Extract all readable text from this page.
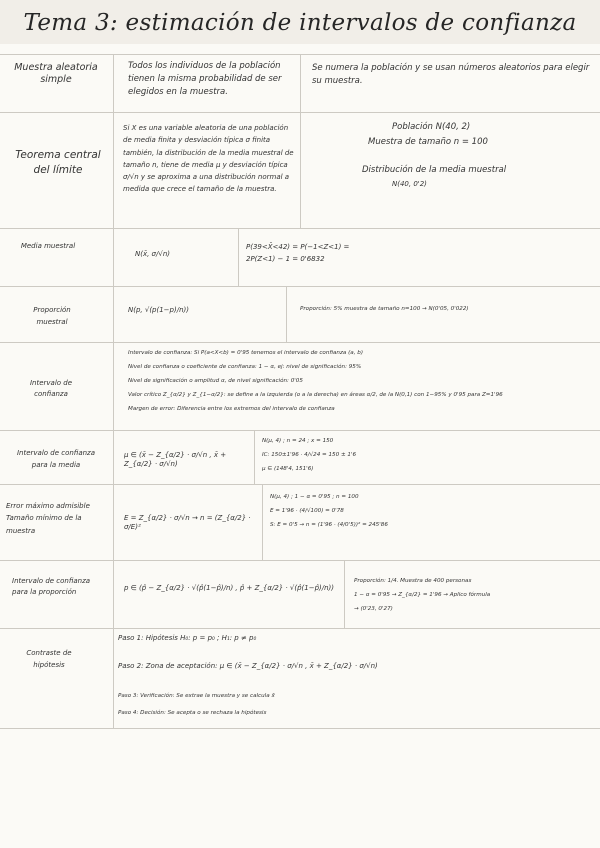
Tema 3: estimación de intervalos de confianza
Muestra aleatoria simple
Todos los individuos de la población tienen la misma probabilidad de ser elegidos en la muestra.
Se numera la población y se usan números aleatorios para elegir su muestra.
Teorema central del límite
Si X es una variable aleatoria de una población de media finita y desviación típica σ finita también, la distribución de la media muestral de tamaño n, tiene de media μ y desviación típica σ/√n y se aproxima a una distribución normal a medida que crece el tamaño de la muestra.
Población N(40, 2)
Muestra de tamaño n = 100
Distribución de la media muestral
N(40, 0'2)
Media muestral
N(x̄, σ/√n)
P(39<X̄<42) = P(−1<Z<1) =
2P(Z<1) − 1 = 0'6832
Proporción muestral
N(p, √(p(1−p)/n))	Proporción: 5% muestra de tamaño n=100 → N(0'05, 0'022)
Intervalo de confianza
Intervalo de confianza: Si P(a<X<b) = 0'95 tenemos el intervalo de confianza (a, b)
Nivel de confianza o coeficiente de confianza: 1 − α, ej: nivel de significación: 95%
Nivel de significación o amplitud α, de nivel significación: 0'05
Valor crítico Z_{α/2} y Z_{1−α/2}: se define a la izquierda (o a la derecha) en áreas α/2, de la N(0,1) con 1−95% y 0'95 para Z=1'96
Margen de error: Diferencia entre los extremos del intervalo de confianza
Intervalo de confianza para la media
μ ∈ (x̄ − Z_{α/2} · σ/√n , x̄ + Z_{α/2} · σ/√n)
N(μ, 4) ; n = 24 ; x = 150
IC: 150±1'96 · 4/√24 = 150 ± 1'6
μ ∈ (148'4, 151'6)
Error máximo admisible Tamaño mínimo de la muestra
E = Z_{α/2} · σ/√n → n = (Z_{α/2} · σ/E)²
N(μ, 4) ; 1 − α = 0'95 ; n = 100
E = 1'96 · (4/√100) = 0'78
S: E = 0'5 → n = (1'96 · (4/0'5))² = 245'86
Intervalo de confianza para la proporción
p ∈ (p̂ − Z_{α/2} · √(p̂(1−p̂)/n) , p̂ + Z_{α/2} · √(p̂(1−p̂)/n))
Proporción: 1/4. Muestra de 400 personas
1 − α = 0'95 → Z_{α/2} = 1'96 → Aplico fórmula
→ (0'23, 0'27)
Contraste de hipótesis
Paso 1: Hipótesis H₀: p = p₀ ; H₁: p ≠ p₀
Paso 2: Zona de aceptación: μ ∈ (x̄ − Z_{α/2} · σ/√n , x̄ + Z_{α/2} · σ/√n)
Paso 3: Verificación: Se extrae la muestra y se calcula x̄
Paso 4: Decisión: Se acepta o se rechaza la hipótesis
